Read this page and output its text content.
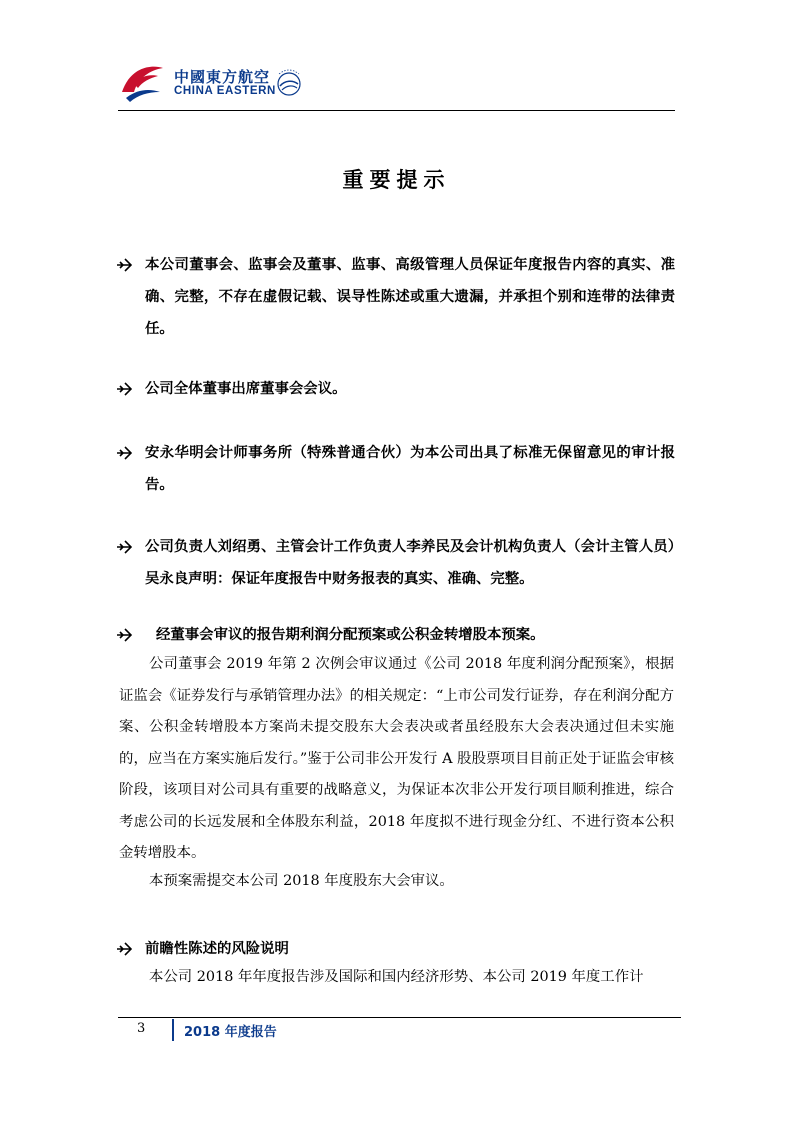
中國東方航空
CHINA EASTERN
重要提示
本公司董事会、监事会及董事、监事、高级管理人员保证年度报告内容的真实、准确、完整，不存在虚假记载、误导性陈述或重大遗漏，并承担个别和连带的法律责任。
公司全体董事出席董事会会议。
安永华明会计师事务所（特殊普通合伙）为本公司出具了标准无保留意见的审计报告。
公司负责人刘绍勇、主管会计工作负责人李养民及会计机构负责人（会计主管人员）吴永良声明：保证年度报告中财务报表的真实、准确、完整。
经董事会审议的报告期利润分配预案或公积金转增股本预案。
公司董事会 2019 年第 2 次例会审议通过《公司 2018 年度利润分配预案》，根据证监会《证券发行与承销管理办法》的相关规定：“上市公司发行证券，存在利润分配方案、公积金转增股本方案尚未提交股东大会表决或者虽经股东大会表决通过但未实施的，应当在方案实施后发行。”鉴于公司非公开发行 A 股股票项目目前正处于证监会审核阶段，该项目对公司具有重要的战略意义，为保证本次非公开发行项目顺利推进，综合考虑公司的长远发展和全体股东利益，2018 年度拟不进行现金分红、不进行资本公积金转增股本。
本预案需提交本公司 2018 年度股东大会审议。
前瞻性陈述的风险说明
本公司 2018 年年度报告涉及国际和国内经济形势、本公司 2019 年度工作计
3	2018 年度报告
